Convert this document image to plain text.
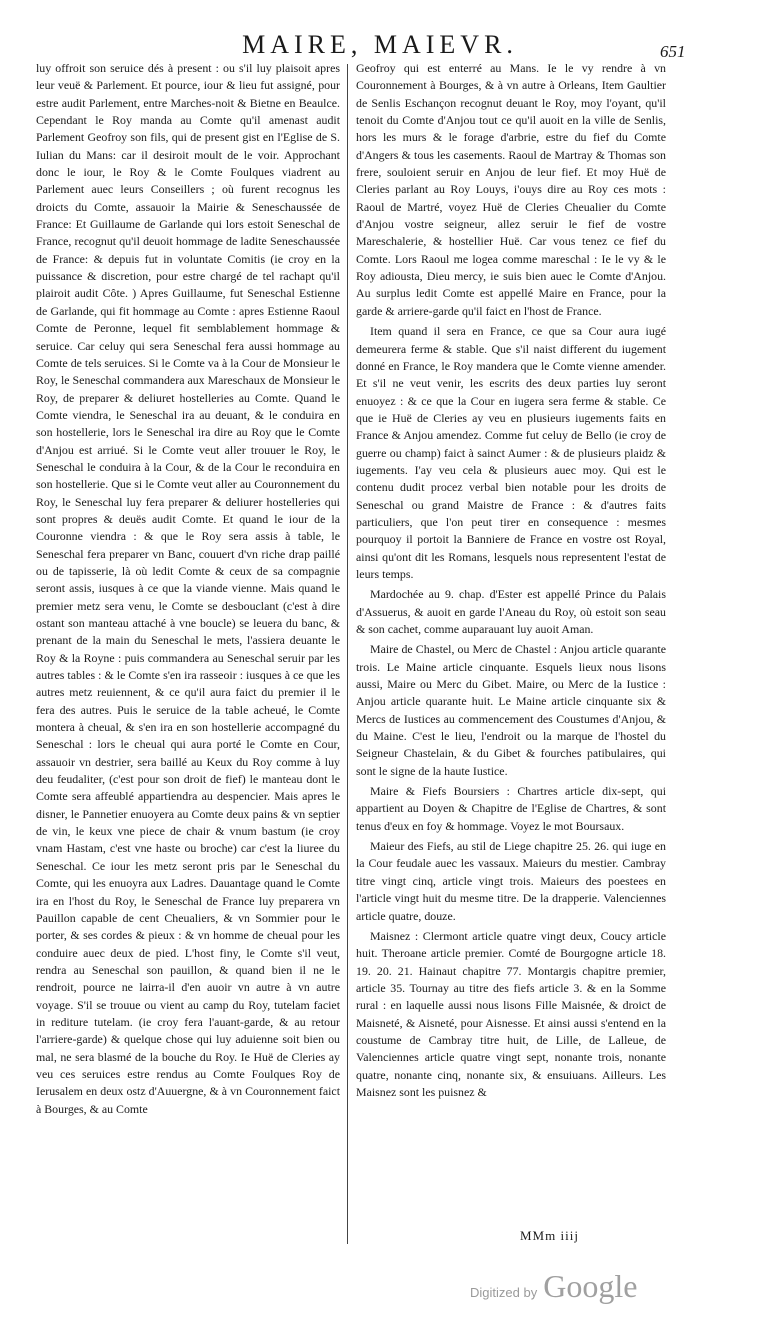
MAIRE, MAIEVR.	651

luy offroit son seruice dés à present : ou s'il luy plaisoit apres leur veuë & Parlement. Et pource, iour & lieu fut assigné, pour estre audit Parlement, entre Marches-noit & Bietne en Beaulce. Cependant le Roy manda au Comte qu'il amenast audit Parlement Geofroy son fils, qui de present gist en l'Eglise de S. Iulian du Mans: car il desiroit moult de le voir. Approchant donc le iour, le Roy & le Comte Foulques viadrent au Parlement auec leurs Conseillers ; où furent recognus les droicts du Comte, assauoir la Mairie & Seneschaussée de France: Et Guillaume de Garlande qui lors estoit Seneschal de France, recognut qu'il deuoit hommage de ladite Seneschaussée de France: & depuis fut in voluntate Comitis (ie croy en la puissance & discretion, pour estre chargé de tel rachapt qu'il plairoit audit Côte. ) Apres Guillaume, fut Seneschal Estienne de Garlande, qui fit hommage au Comte : apres Estienne Raoul Comte de Peronne, lequel fit semblablement hommage & seruice. Car celuy qui sera Seneschal fera aussi hommage au Comte de tels seruices. Si le Comte va à la Cour de Monsieur le Roy, le Seneschal commandera aux Mareschaux de Monsieur le Roy, de preparer & deliuret hostelleries au Comte. Quand le Comte viendra, le Seneschal ira au deuant, & le conduira en son hostellerie, lors le Seneschal ira dire au Roy que le Comte d'Anjou est arriué. Si le Comte veut aller trouuer le Roy, le Seneschal le conduira à la Cour, & de la Cour le reconduira en son hostellerie. Que si le Comte veut aller au Couronnement du Roy, le Seneschal luy fera preparer & deliurer hostelleries qui sont propres & deuës audit Comte. Et quand le iour de la Couronne viendra : & que le Roy sera assis à table, le Seneschal fera preparer vn Banc, couuert d'vn riche drap paillé ou de tapisserie, là où ledit Comte & ceux de sa compagnie seront assis, iusques à ce que la viande vienne. Mais quand le premier metz sera venu, le Comte se desbouclant (c'est à dire ostant son manteau attaché à vne boucle) se leuera du banc, & prenant de la main du Seneschal le mets, l'assiera deuante le Roy & la Royne : puis commandera au Seneschal seruir par les autres tables : & le Comte s'en ira rasseoir : iusques à ce que les autres metz reuiennent, & ce qu'il aura faict du premier il le fera des autres. Puis le seruice de la table acheué, le Comte montera à cheual, & s'en ira en son hostellerie accompagné du Seneschal : lors le cheual qui aura porté le Comte en Cour, assauoir vn destrier, sera baillé au Keux du Roy comme à luy deu feudaliter, (c'est pour son droit de fief) le manteau dont le Comte sera affeublé appartiendra au despencier. Mais apres le disner, le Pannetier enuoyera au Comte deux pains & vn septier de vin, le keux vne piece de chair & vnum bastum (ie croy vnam Hastam, c'est vne haste ou broche) car c'est la liuree du Seneschal. Ce iour les metz seront pris par le Seneschal du Comte, qui les enuoyra aux Ladres. Dauantage quand le Comte ira en l'host du Roy, le Seneschal de France luy preparera vn Pauillon capable de cent Cheualiers, & vn Sommier pour le porter, & ses cordes & pieux : & vn homme de cheual pour les conduire auec deux de pied. L'host finy, le Comte s'il veut, rendra au Seneschal son pauillon, & quand bien il ne le rendroit, pource ne lairra-il d'en auoir vn autre à vn autre voyage. S'il se trouue ou vient au camp du Roy, tutelam faciet in rediture tutelam. (ie croy fera l'auant-garde, & au retour l'arriere-garde) & quelque chose qui luy aduienne soit bien ou mal, ne sera blasmé de la bouche du Roy. Ie Huë de Cleries ay veu ces seruices estre rendus au Comte Foulques Roy de Ierusalem en deux ostz d'Auuergne, & à vn Couronnement faict à Bourges, & au Comte

Geofroy qui est enterré au Mans. Ie le vy rendre à vn Couronnement à Bourges, & à vn autre à Orleans, Item Gaultier de Senlis Eschançon recognut deuant le Roy, moy l'oyant, qu'il tenoit du Comte d'Anjou tout ce qu'il auoit en la ville de Senlis, hors les murs & le forage d'arbrie, estre du fief du Comte d'Angers & tous les casements. Raoul de Martray & Thomas son frere, souloient seruir en Anjou de leur fief. Et moy Huë de Cleries parlant au Roy Louys, i'ouys dire au Roy ces mots : Raoul de Martré, voyez Huë de Cleries Cheualier du Comte d'Anjou vostre seigneur, allez seruir le fief de vostre Mareschalerie, & hostellier Huë. Car vous tenez ce fief du Comte. Lors Raoul me logea comme mareschal : Ie le vy & le Roy adiousta, Dieu mercy, ie suis bien auec le Comte d'Anjou. Au surplus ledit Comte est appellé Maire en France, pour la garde & arriere-garde qu'il faict en l'host de France.

Item quand il sera en France, ce que sa Cour aura iugé demeurera ferme & stable. Que s'il naist different du iugement donné en France, le Roy mandera que le Comte vienne amender. Et s'il ne veut venir, les escrits des deux parties luy seront enuoyez : & ce que la Cour en iugera sera ferme & stable. Ce que ie Huë de Cleries ay veu en plusieurs iugements faits en France & Anjou amendez. Comme fut celuy de Bello (ie croy de guerre ou champ) faict à sainct Aumer : & de plusieurs plaidz & iugements. I'ay veu cela & plusieurs auec moy. Qui est le contenu dudit procez verbal bien notable pour les droits de Seneschal ou grand Maistre de France : & d'autres faits particuliers, que l'on peut tirer en consequence : mesmes pourquoy il portoit la Banniere de France en vostre ost Royal, ainsi qu'ont dit les Romans, lesquels nous representent l'estat de leurs temps.

Mardochée au 9. chap. d'Ester est appellé Prince du Palais d'Assuerus, & auoit en garde l'Aneau du Roy, où estoit son seau & son cachet, comme auparauant luy auoit Aman.

Maire de Chastel, ou Merc de Chastel : Anjou article quarante trois. Le Maine article cinquante. Esquels lieux nous lisons aussi, Maire ou Merc du Gibet. Maire, ou Merc de la Iustice : Anjou article quarante huit. Le Maine article cinquante six & Mercs de Iustices au commencement des Coustumes d'Anjou, & du Maine. C'est le lieu, l'endroit ou la marque de l'hostel du Seigneur Chastelain, & du Gibet & fourches patibulaires, qui sont le signe de la haute Iustice.

Maire & Fiefs Boursiers : Chartres article dix-sept, qui appartient au Doyen & Chapitre de l'Eglise de Chartres, & sont tenus d'eux en foy & hommage. Voyez le mot Boursaux.

Maieur des Fiefs, au stil de Liege chapitre 25. 26. qui iuge en la Cour feudale auec les vassaux. Maieurs du mestier. Cambray titre vingt cinq, article vingt trois. Maieurs des poestees en l'article vingt huit du mesme titre. De la drapperie. Valenciennes article quatre, douze.

Maisnez : Clermont article quatre vingt deux, Coucy article huit. Theroane article premier. Comté de Bourgogne article 18. 19. 20. 21. Hainaut chapitre 77. Montargis chapitre premier, article 35. Tournay au titre des fiefs article 3. & en la Somme rural : en laquelle aussi nous lisons Fille Maisnée, & droict de Maisneté, & Aisneté, pour Aisnesse. Et ainsi aussi s'entend en la coustume de Cambray titre huit, de Lille, de Lalleue, de Valenciennes article quatre vingt sept, nonante trois, nonante quatre, nonante cinq, nonante six, & ensuiuans. Ailleurs. Les Maisnez sont les puisnez &

MMm iiij
Digitized by Google
